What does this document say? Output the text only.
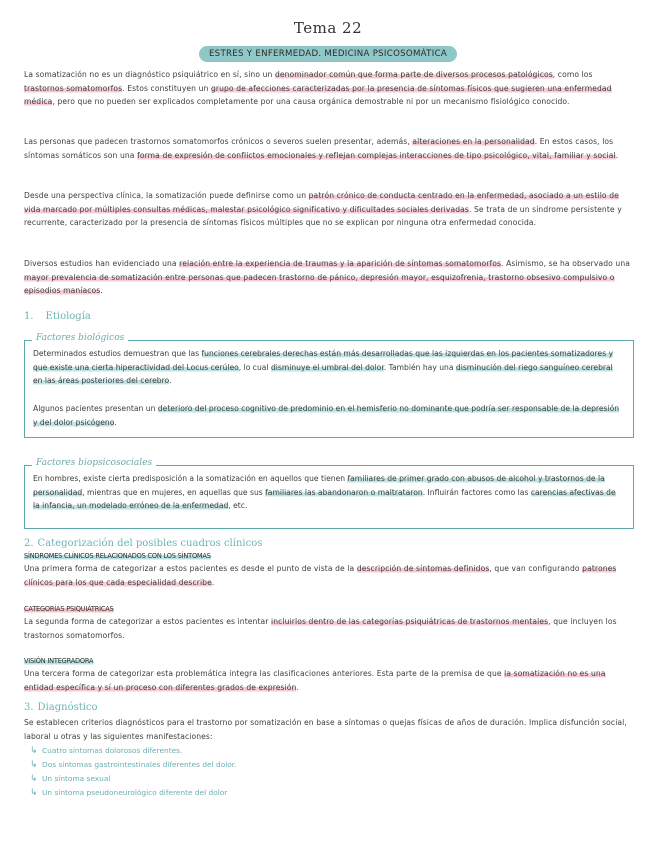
Tema 22
ESTRES Y ENFERMEDAD. MEDICINA PSICOSOMÁTICA

La somatización no es un diagnóstico psiquiátrico en sí, sino un denominador común que forma parte de diversos procesos patológicos, como los trastornos somatomorfos. Estos constituyen un grupo de afecciones caracterizadas por la presencia de síntomas físicos que sugieren una enfermedad médica, pero que no pueden ser explicados completamente por una causa orgánica demostrable ni por un mecanismo fisiológico conocido.

Las personas que padecen trastornos somatomorfos crónicos o severos suelen presentar, además, alteraciones en la personalidad. En estos casos, los síntomas somáticos son una forma de expresión de conflictos emocionales y reflejan complejas interacciones de tipo psicológico, vital, familiar y social.

Desde una perspectiva clínica, la somatización puede definirse como un patrón crónico de conducta centrado en la enfermedad, asociado a un estilo de vida marcado por múltiples consultas médicas, malestar psicológico significativo y dificultades sociales derivadas. Se trata de un síndrome persistente y recurrente, caracterizado por la presencia de síntomas físicos múltiples que no se explican por ninguna otra enfermedad conocida.

Diversos estudios han evidenciado una relación entre la experiencia de traumas y la aparición de síntomas somatomorfos. Asimismo, se ha observado una mayor prevalencia de somatización entre personas que padecen trastorno de pánico, depresión mayor, esquizofrenia, trastorno obsesivo compulsivo o episodios maníacos.

1. Etiología

Determinados estudios demuestran que las funciones cerebrales derechas están más desarrolladas que las izquierdas en los pacientes somatizadores y que existe una cierta hiperactividad del Locus cerúleo, lo cual disminuye el umbral del dolor. También hay una disminución del riego sanguíneo cerebral en las áreas posteriores del cerebro.

Algunos pacientes presentan un deterioro del proceso cognitivo de predominio en el hemisferio no dominante que podría ser responsable de la depresión y del dolor psicógeno.

Factores biológicos

En hombres, existe cierta predisposición a la somatización en aquellos que tienen familiares de primer grado con abusos de alcohol y trastornos de la personalidad, mientras que en mujeres, en aquellas que sus familiares las abandonaron o maltrataron. Influirán factores como las carencias afectivas de la infancia, un modelado erróneo de la enfermedad, etc.

Factores biopsicosociales
2. Categorización del posibles cuadros clínicos
SÍNDROMES CLÍNICOS RELACIONADOS CON LOS SÍNTOMAS

Una primera forma de categorizar a estos pacientes es desde el punto de vista de la descripción de síntomas definidos, que van configurando patrones clínicos para los que cada especialidad describe.

CATEGORÍAS PSIQUIÁTRICAS

La segunda forma de categorizar a estos pacientes es intentar incluirlos dentro de las categorías psiquiátricas de trastornos mentales, que incluyen los trastornos somatomorfos.

VISIÓN INTEGRADORA

Una tercera forma de categorizar esta problemática integra las clasificaciones anteriores. Esta parte de la premisa de que la somatización no es una entidad específica y sí un proceso con diferentes grados de expresión.

3. Diagnóstico

Se establecen criterios diagnósticos para el trastorno por somatización en base a síntomas o quejas físicas de años de duración. Implica disfunción social, laboral u otras y las siguientes manifestaciones:

↳ Cuatro síntomas dolorosos diferentes.
↳ Dos síntomas gastrointestinales diferentes del dolor.
↳ Un síntoma sexual
↳ Un síntoma pseudoneurológico diferente del dolor
